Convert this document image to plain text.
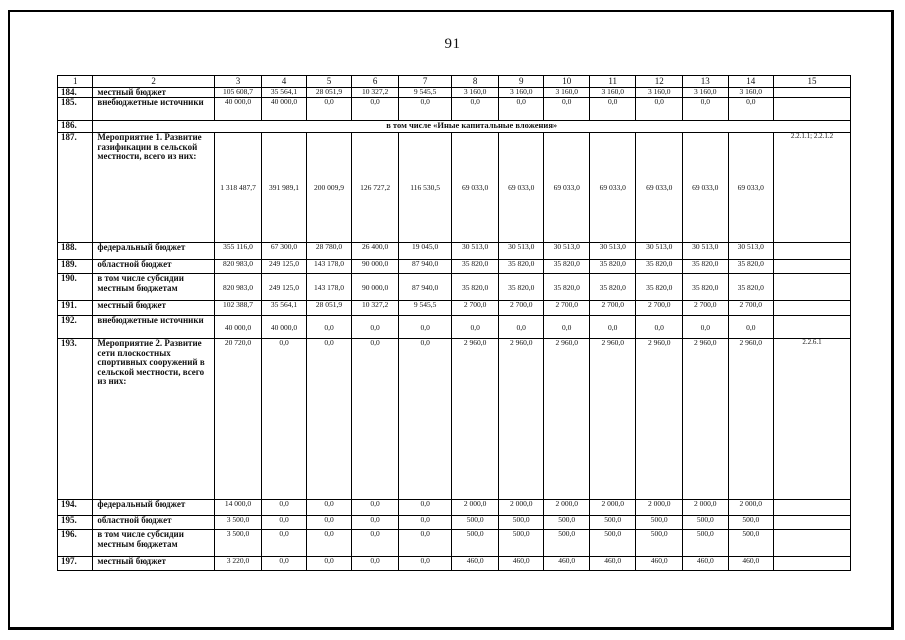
91
1	2	3	4	5	6	7	8	9	10	11	12	13	14	15
184.	местный бюджет	105 608,7	35 564,1	28 051,9	10 327,2	9 545,5	3 160,0	3 160,0	3 160,0	3 160,0	3 160,0	3 160,0	3 160,0	
185.	внебюджетные источники	40 000,0	40 000,0	0,0	0,0	0,0	0,0	0,0	0,0	0,0	0,0	0,0	0,0	
186.	в том числе «Иные капитальные вложения»													
187.	Мероприятие 1. Развитие газификации в сельской местности, всего из них:	1 318 487,7	391 989,1	200 009,9	126 727,2	116 530,5	69 033,0	69 033,0	69 033,0	69 033,0	69 033,0	69 033,0	69 033,0	2.2.1.1; 2.2.1.2
188.	федеральный бюджет	355 116,0	67 300,0	28 780,0	26 400,0	19 045,0	30 513,0	30 513,0	30 513,0	30 513,0	30 513,0	30 513,0	30 513,0	
189.	областной бюджет	820 983,0	249 125,0	143 178,0	90 000,0	87 940,0	35 820,0	35 820,0	35 820,0	35 820,0	35 820,0	35 820,0	35 820,0	
190.	в том числе субсидии местным бюджетам	820 983,0	249 125,0	143 178,0	90 000,0	87 940,0	35 820,0	35 820,0	35 820,0	35 820,0	35 820,0	35 820,0	35 820,0	
191.	местный бюджет	102 388,7	35 564,1	28 051,9	10 327,2	9 545,5	2 700,0	2 700,0	2 700,0	2 700,0	2 700,0	2 700,0	2 700,0	
192.	внебюджетные источники	40 000,0	40 000,0	0,0	0,0	0,0	0,0	0,0	0,0	0,0	0,0	0,0	0,0	
193.	Мероприятие 2. Развитие сети плоскостных спортивных сооружений в сельской местности, всего из них:	20 720,0	0,0	0,0	0,0	0,0	2 960,0	2 960,0	2 960,0	2 960,0	2 960,0	2 960,0	2 960,0	2.2.6.1
194.	федеральный бюджет	14 000,0	0,0	0,0	0,0	0,0	2 000,0	2 000,0	2 000,0	2 000,0	2 000,0	2 000,0	2 000,0	
195.	областной бюджет	3 500,0	0,0	0,0	0,0	0,0	500,0	500,0	500,0	500,0	500,0	500,0	500,0	
196.	в том числе субсидии местным бюджетам	3 500,0	0,0	0,0	0,0	0,0	500,0	500,0	500,0	500,0	500,0	500,0	500,0	
197.	местный бюджет	3 220,0	0,0	0,0	0,0	0,0	460,0	460,0	460,0	460,0	460,0	460,0	460,0	
